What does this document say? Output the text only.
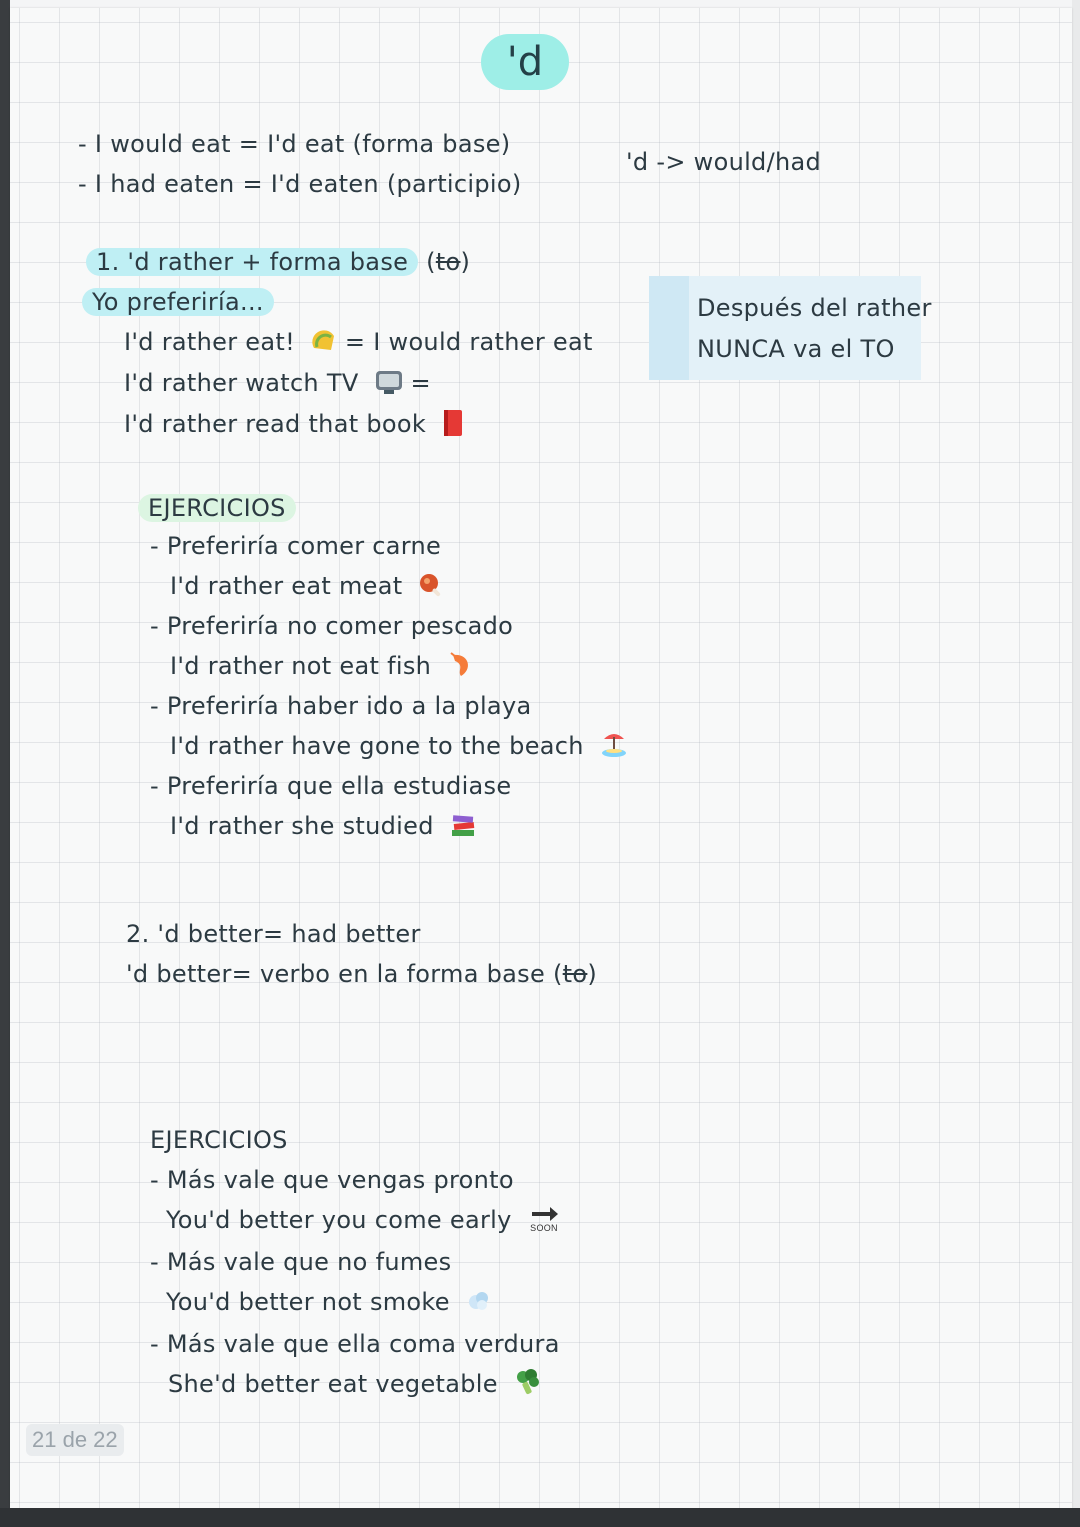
'd
- I would eat = I'd eat (forma base)
- I had eaten = I'd eaten (participio)
'd -> would/had
1. 'd rather + forma base (to)
Yo preferiría...
I'd rather eat! = I would rather eat
I'd rather watch TV =
I'd rather read that book
Después del rather
NUNCA va el TO
EJERCICIOS
- Preferiría comer carne
I'd rather eat meat
- Preferiría no comer pescado
I'd rather not eat fish
- Preferiría haber ido a la playa
I'd rather have gone to the beach
- Preferiría que ella estudiase
I'd rather she studied
2. 'd better= had better
'd better= verbo en la forma base (to)
EJERCICIOS
- Más vale que vengas pronto
You'd better you come early SOON
- Más vale que no fumes
You'd better not smoke
- Más vale que ella coma verdura
She'd better eat vegetable
21 de 22
